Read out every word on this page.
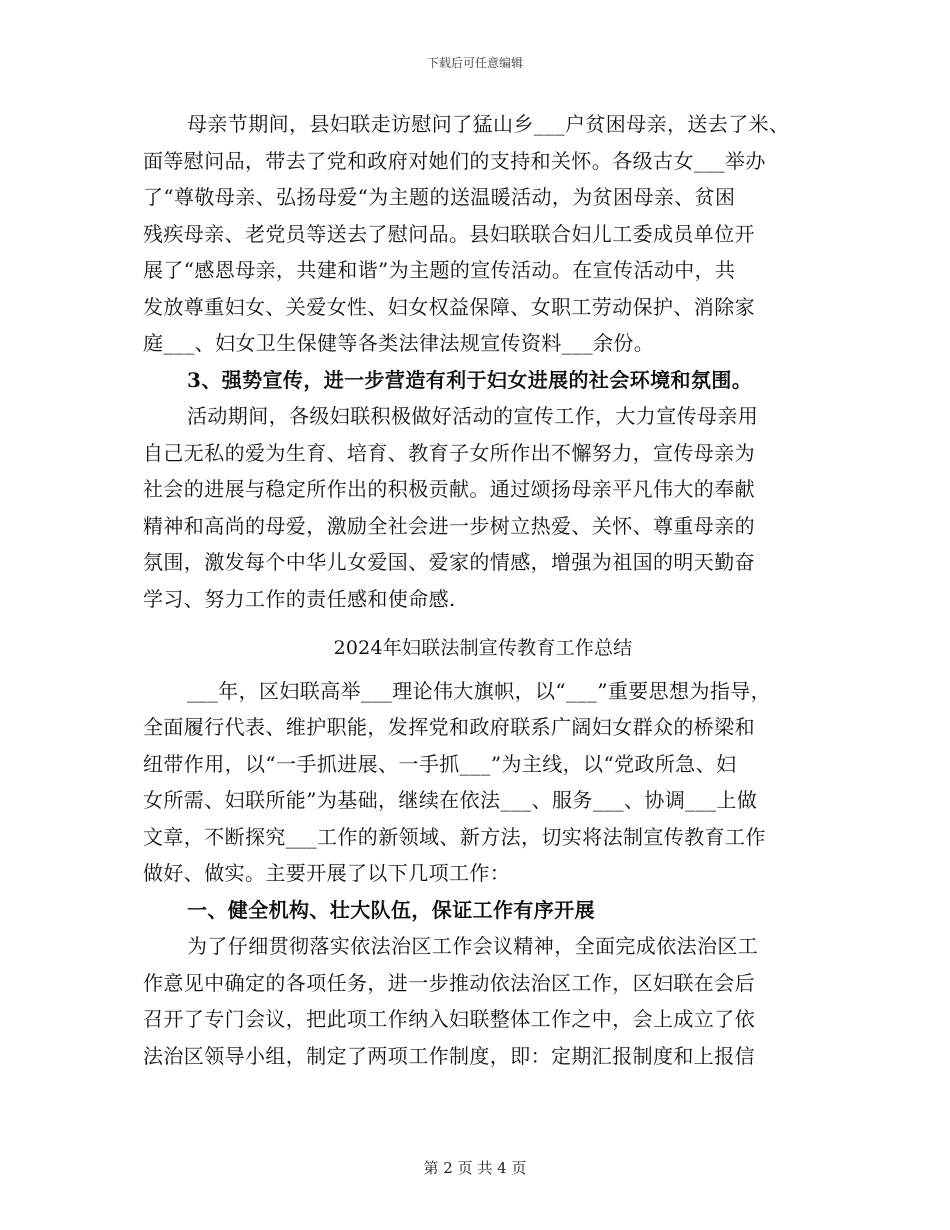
下载后可任意编辑
母亲节期间，县妇联走访慰问了猛山乡___户贫困母亲，送去了米、
面等慰问品，带去了党和政府对她们的支持和关怀。各级古女___举办
了“尊敬母亲、弘扬母爱“为主题的送温暖活动，为贫困母亲、贫困
残疾母亲、老党员等送去了慰问品。县妇联联合妇儿工委成员单位开
展了“感恩母亲，共建和谐”为主题的宣传活动。在宣传活动中，共
发放尊重妇女、关爱女性、妇女权益保障、女职工劳动保护、消除家
庭___、妇女卫生保健等各类法律法规宣传资料___余份。
3、强势宣传，进一步营造有利于妇女进展的社会环境和氛围。
活动期间，各级妇联积极做好活动的宣传工作，大力宣传母亲用
自己无私的爱为生育、培育、教育子女所作出不懈努力，宣传母亲为
社会的进展与稳定所作出的积极贡献。通过颂扬母亲平凡伟大的奉献
精神和高尚的母爱，激励全社会进一步树立热爱、关怀、尊重母亲的
氛围，激发每个中华儿女爱国、爱家的情感，增强为祖国的明天勤奋
学习、努力工作的责任感和使命感.
2024年妇联法制宣传教育工作总结
___年，区妇联高举___理论伟大旗帜，以“___”重要思想为指导，
全面履行代表、维护职能，发挥党和政府联系广阔妇女群众的桥梁和
纽带作用，以“一手抓进展、一手抓___”为主线，以“党政所急、妇
女所需、妇联所能”为基础，继续在依法___、服务___、协调___上做
文章，不断探究___工作的新领域、新方法，切实将法制宣传教育工作
做好、做实。主要开展了以下几项工作：
一、健全机构、壮大队伍，保证工作有序开展
为了仔细贯彻落实依法治区工作会议精神，全面完成依法治区工
作意见中确定的各项任务，进一步推动依法治区工作，区妇联在会后
召开了专门会议，把此项工作纳入妇联整体工作之中，会上成立了依
法治区领导小组，制定了两项工作制度，即：定期汇报制度和上报信
第 2 页 共 4 页
